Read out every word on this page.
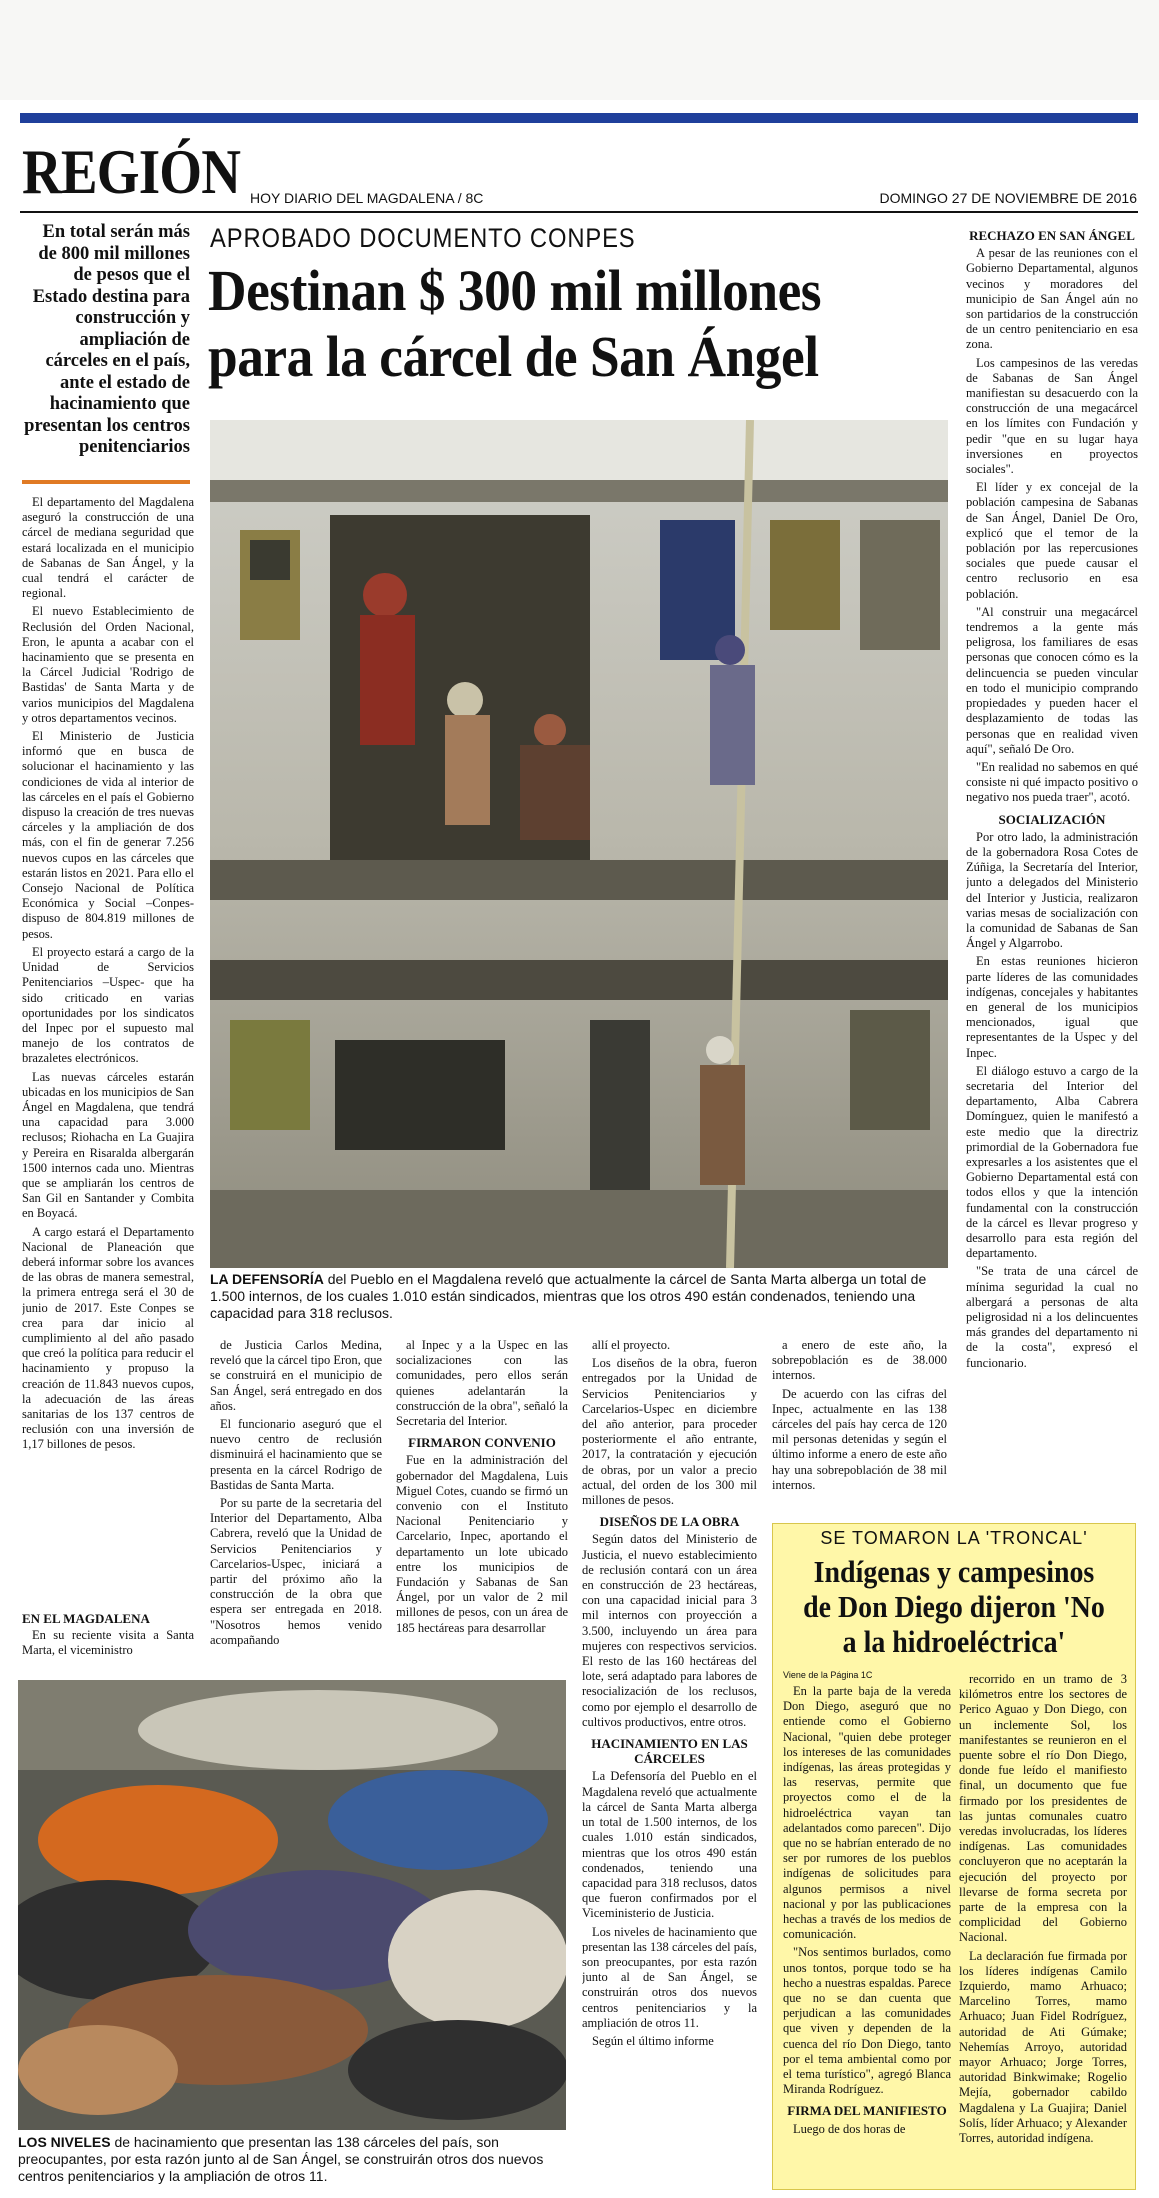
REGIÓN HOY DIARIO DEL MAGDALENA / 8C	DOMINGO 27 DE NOVIEMBRE DE 2016
APROBADO DOCUMENTO CONPES
Destinan $ 300 mil millones para la cárcel de San Ángel
En total serán más de 800 mil millones de pesos que el Estado destina para construcción y ampliación de cárceles en el país, ante el estado de hacinamiento que presentan los centros penitenciarios

El departamento del Magdalena aseguró la construcción de una cárcel de mediana seguridad que estará localizada en el municipio de Sabanas de San Ángel, y la cual tendrá el carácter de regional.

El nuevo Establecimiento de Reclusión del Orden Nacional, Eron, le apunta a acabar con el hacinamiento que se presenta en la Cárcel Judicial 'Rodrigo de Bastidas' de Santa Marta y de varios municipios del Magdalena y otros departamentos vecinos.

El Ministerio de Justicia informó que en busca de solucionar el hacinamiento y las condiciones de vida al interior de las cárceles en el país el Gobierno dispuso la creación de tres nuevas cárceles y la ampliación de dos más, con el fin de generar 7.256 nuevos cupos en las cárceles que estarán listos en 2021. Para ello el Consejo Nacional de Política Económica y Social –Conpes- dispuso de 804.819 millones de pesos.

El proyecto estará a cargo de la Unidad de Servicios Penitenciarios –Uspec- que ha sido criticado en varias oportunidades por los sindicatos del Inpec por el supuesto mal manejo de los contratos de brazaletes electrónicos.

Las nuevas cárceles estarán ubicadas en los municipios de San Ángel en Magdalena, que tendrá una capacidad para 3.000 reclusos; Riohacha en La Guajira y Pereira en Risaralda albergarán 1500 internos cada uno. Mientras que se ampliarán los centros de San Gil en Santander y Combita en Boyacá.

A cargo estará el Departamento Nacional de Planeación que deberá informar sobre los avances de las obras de manera semestral, la primera entrega será el 30 de junio de 2017. Este Conpes se crea para dar inicio al cumplimiento al del año pasado que creó la política para reducir el hacinamiento y propuso la creación de 11.843 nuevos cupos, la adecuación de las áreas sanitarias de los 137 centros de reclusión con una inversión de 1,17 billones de pesos.

EN EL MAGDALENA

En su reciente visita a Santa Marta, el viceministro

LA DEFENSORÍA del Pueblo en el Magdalena reveló que actualmente la cárcel de Santa Marta alberga un total de 1.500 internos, de los cuales 1.010 están sindicados, mientras que los otros 490 están condenados, teniendo una capacidad para 318 reclusos.

de Justicia Carlos Medina, reveló que la cárcel tipo Eron, que se construirá en el municipio de San Ángel, será entregado en dos años.

El funcionario aseguró que el nuevo centro de reclusión disminuirá el hacinamiento que se presenta en la cárcel Rodrigo de Bastidas de Santa Marta.

Por su parte de la secretaria del Interior del Departamento, Alba Cabrera, reveló que la Unidad de Servicios Penitenciarios y Carcelarios-Uspec, iniciará a partir del próximo año la construcción de la obra que espera ser entregada en 2018. "Nosotros hemos venido acompañando

al Inpec y a la Uspec en las socializaciones con las comunidades, pero ellos serán quienes adelantarán la construcción de la obra", señaló la Secretaria del Interior.

FIRMARON CONVENIO

Fue en la administración del gobernador del Magdalena, Luis Miguel Cotes, cuando se firmó un convenio con el Instituto Nacional Penitenciario y Carcelario, Inpec, aportando el departamento un lote ubicado entre los municipios de Fundación y Sabanas de San Ángel, por un valor de 2 mil millones de pesos, con un área de 185 hectáreas para desarrollar

LOS NIVELES de hacinamiento que presentan las 138 cárceles del país, son preocupantes, por esta razón junto al de San Ángel, se construirán otros dos nuevos centros penitenciarios y la ampliación de otros 11.

allí el proyecto.

Los diseños de la obra, fueron entregados por la Unidad de Servicios Penitenciarios y Carcelarios-Uspec en diciembre del año anterior, para proceder posteriormente el año entrante, 2017, la contratación y ejecución de obras, por un valor a precio actual, del orden de los 300 mil millones de pesos.

DISEÑOS DE LA OBRA

Según datos del Ministerio de Justicia, el nuevo establecimiento de reclusión contará con un área en construcción de 23 hectáreas, con una capacidad inicial para 3 mil internos con proyección a 3.500, incluyendo un área para mujeres con respectivos servicios. El resto de las 160 hectáreas del lote, será adaptado para labores de resocialización de los reclusos, como por ejemplo el desarrollo de cultivos productivos, entre otros.

HACINAMIENTO EN LAS CÁRCELES

La Defensoría del Pueblo en el Magdalena reveló que actualmente la cárcel de Santa Marta alberga un total de 1.500 internos, de los cuales 1.010 están sindicados, mientras que los otros 490 están condenados, teniendo una capacidad para 318 reclusos, datos que fueron confirmados por el Viceministerio de Justicia.

Los niveles de hacinamiento que presentan las 138 cárceles del país, son preocupantes, por esta razón junto al de San Ángel, se construirán otros dos nuevos centros penitenciarios y la ampliación de otros 11.

Según el último informe

a enero de este año, la sobrepoblación es de 38.000 internos.

De acuerdo con las cifras del Inpec, actualmente en las 138 cárceles del país hay cerca de 120 mil personas detenidas y según el último informe a enero de este año hay una sobrepoblación de 38 mil internos.

RECHAZO EN SAN ÁNGEL

A pesar de las reuniones con el Gobierno Departamental, algunos vecinos y moradores del municipio de San Ángel aún no son partidarios de la construcción de un centro penitenciario en esa zona.

Los campesinos de las veredas de Sabanas de San Ángel manifiestan su desacuerdo con la construcción de una megacárcel en los límites con Fundación y pedir "que en su lugar haya inversiones en proyectos sociales".

El líder y ex concejal de la población campesina de Sabanas de San Ángel, Daniel De Oro, explicó que el temor de la población por las repercusiones sociales que puede causar el centro reclusorio en esa población.

"Al construir una megacárcel tendremos a la gente más peligrosa, los familiares de esas personas que conocen cómo es la delincuencia se pueden vincular en todo el municipio comprando propiedades y pueden hacer el desplazamiento de todas las personas que en realidad viven aquí", señaló De Oro.

"En realidad no sabemos en qué consiste ni qué impacto positivo o negativo nos pueda traer", acotó.

SOCIALIZACIÓN

Por otro lado, la administración de la gobernadora Rosa Cotes de Zúñiga, la Secretaría del Interior, junto a delegados del Ministerio del Interior y Justicia, realizaron varias mesas de socialización con la comunidad de Sabanas de San Ángel y Algarrobo.

En estas reuniones hicieron parte líderes de las comunidades indígenas, concejales y habitantes en general de los municipios mencionados, igual que representantes de la Uspec y del Inpec.

El diálogo estuvo a cargo de la secretaria del Interior del departamento, Alba Cabrera Domínguez, quien le manifestó a este medio que la directriz primordial de la Gobernadora fue expresarles a los asistentes que el Gobierno Departamental está con todos ellos y que la intención fundamental con la construcción de la cárcel es llevar progreso y desarrollo para esta región del departamento.

"Se trata de una cárcel de mínima seguridad la cual no albergará a personas de alta peligrosidad ni a los delincuentes más grandes del departamento ni de la costa", expresó el funcionario.

SE TOMARON LA 'TRONCAL'
Indígenas y campesinos de Don Diego dijeron 'No a la hidroeléctrica'
Viene de la Página 1C

En la parte baja de la vereda Don Diego, aseguró que no entiende como el Gobierno Nacional, "quien debe proteger los intereses de las comunidades indígenas, las áreas protegidas y las reservas, permite que proyectos como el de la hidroeléctrica vayan tan adelantados como parecen". Dijo que no se habrían enterado de no ser por rumores de los pueblos indígenas de solicitudes para algunos permisos a nivel nacional y por las publicaciones hechas a través de los medios de comunicación.

"Nos sentimos burlados, como unos tontos, porque todo se ha hecho a nuestras espaldas. Parece que no se dan cuenta que perjudican a las comunidades que viven y dependen de la cuenca del río Don Diego, tanto por el tema ambiental como por el tema turístico", agregó Blanca Miranda Rodríguez.

FIRMA DEL MANIFIESTO

Luego de dos horas de

recorrido en un tramo de 3 kilómetros entre los sectores de Perico Aguao y Don Diego, con un inclemente Sol, los manifestantes se reunieron en el puente sobre el río Don Diego, donde fue leído el manifiesto final, un documento que fue firmado por los presidentes de las juntas comunales cuatro veredas involucradas, los líderes indígenas. Las comunidades concluyeron que no aceptarán la ejecución del proyecto por llevarse de forma secreta por parte de la empresa con la complicidad del Gobierno Nacional.

La declaración fue firmada por los líderes indígenas Camilo Izquierdo, mamo Arhuaco; Marcelino Torres, mamo Arhuaco; Juan Fidel Rodríguez, autoridad de Ati Gúmake; Nehemías Arroyo, autoridad mayor Arhuaco; Jorge Torres, autoridad Binkwimake; Rogelio Mejía, gobernador cabildo Magdalena y La Guajira; Daniel Solís, líder Arhuaco; y Alexander Torres, autoridad indígena.
